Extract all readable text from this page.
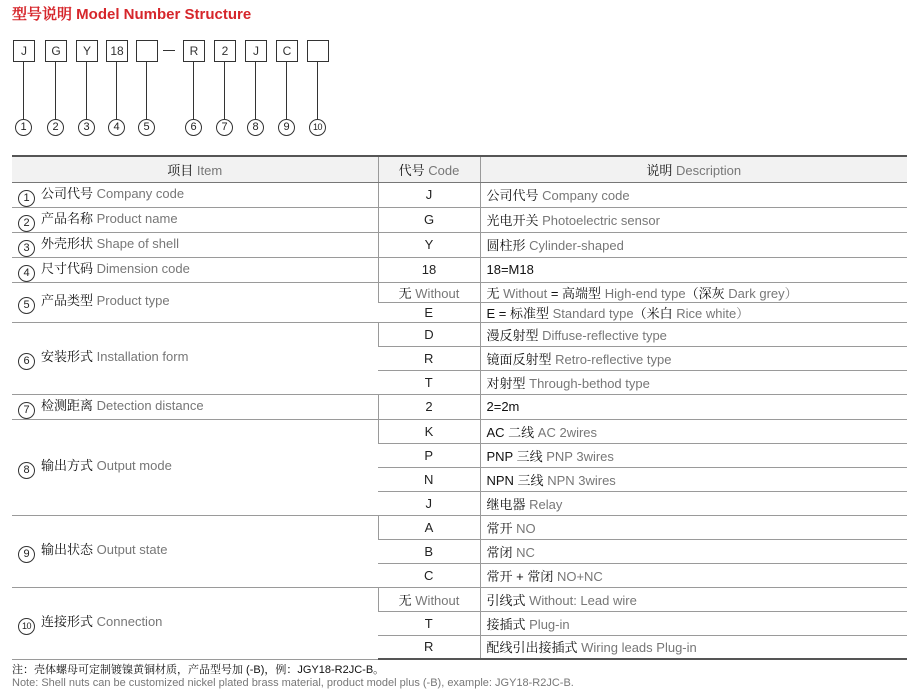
型号说明 Model Number Structure
J	G	Y	18	R	2	J	C
1	2	3	4	5	6	7	8	9	10
项目 Item	代号 Code	说明 Description
1 公司代号 Company code	J	公司代号 Company code
2 产品名称 Product name	G	光电开关 Photoelectric sensor
3 外壳形状 Shape of shell	Y	圆柱形 Cylinder-shaped
4 尺寸代码 Dimension code	18	18=M18
5 产品类型 Product type	无 Without	无 Without = 高端型 High-end type（深灰 Dark grey）
	E	E = 标准型 Standard type（米白 Rice white）
6 安装形式 Installation form	D	漫反射型 Diffuse-reflective type
	R	镜面反射型 Retro-reflective type
	T	对射型 Through-bethod type
7 检测距离 Detection distance	2	2=2m
8 输出方式 Output mode	K	AC 二线 AC 2wires
	P	PNP 三线 PNP 3wires
	N	NPN 三线 NPN 3wires
	J	继电器 Relay
9 输出状态 Output state	A	常开 NO
	B	常闭 NC
	C	常开 + 常闭 NO+NC
10 连接形式 Connection	无 Without	引线式 Without: Lead wire
	T	接插式 Plug-in
	R	配线引出接插式 Wiring leads Plug-in
注：壳体螺母可定制镀镍黄铜材质，产品型号加 (-B)，例：JGY18-R2JC-B。
Note: Shell nuts can be customized nickel plated brass material, product model plus (-B), example: JGY18-R2JC-B.
